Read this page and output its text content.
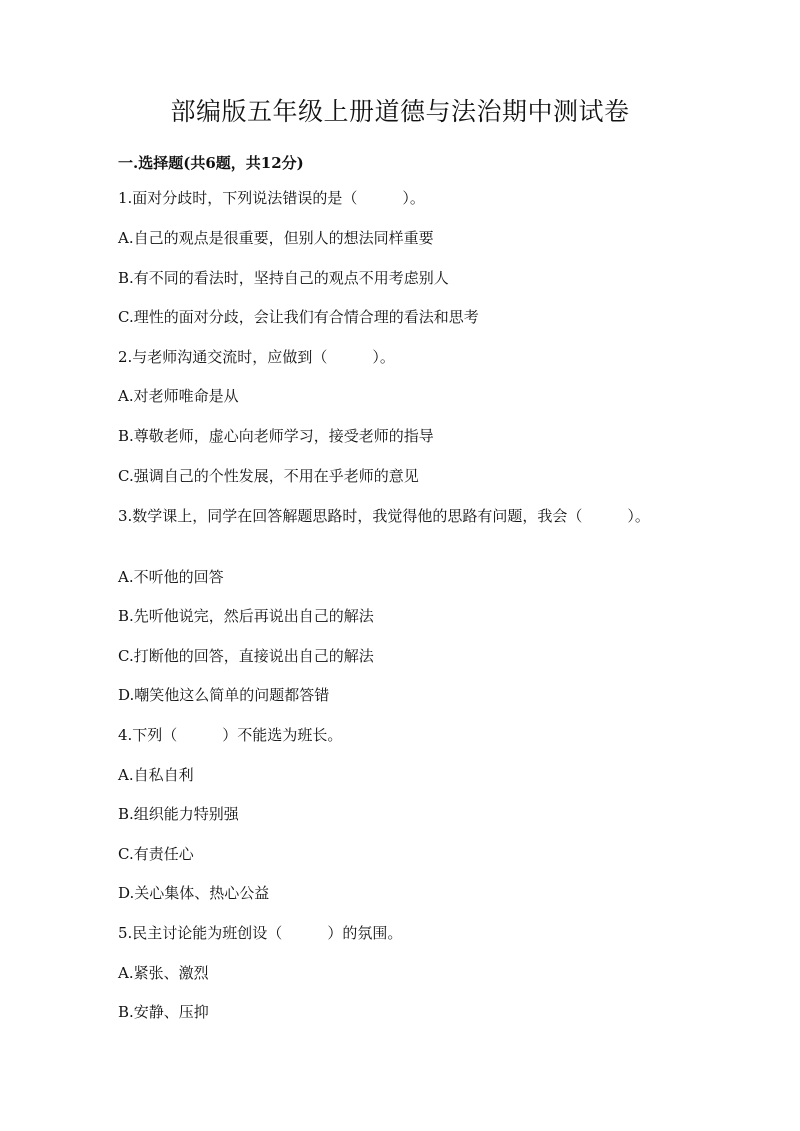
部编版五年级上册道德与法治期中测试卷
一.选择题(共6题，共12分)
1.面对分歧时，下列说法错误的是（　　　）。
A.自己的观点是很重要，但别人的想法同样重要
B.有不同的看法时，坚持自己的观点不用考虑别人
C.理性的面对分歧，会让我们有合情合理的看法和思考
2.与老师沟通交流时，应做到（　　　）。
A.对老师唯命是从
B.尊敬老师，虚心向老师学习，接受老师的指导
C.强调自己的个性发展，不用在乎老师的意见
3.数学课上，同学在回答解题思路时，我觉得他的思路有问题，我会（　　　）。
A.不听他的回答
B.先听他说完，然后再说出自己的解法
C.打断他的回答，直接说出自己的解法
D.嘲笑他这么简单的问题都答错
4.下列（　　　）不能选为班长。
A.自私自利
B.组织能力特别强
C.有责任心
D.关心集体、热心公益
5.民主讨论能为班创设（　　　）的氛围。
A.紧张、激烈
B.安静、压抑
